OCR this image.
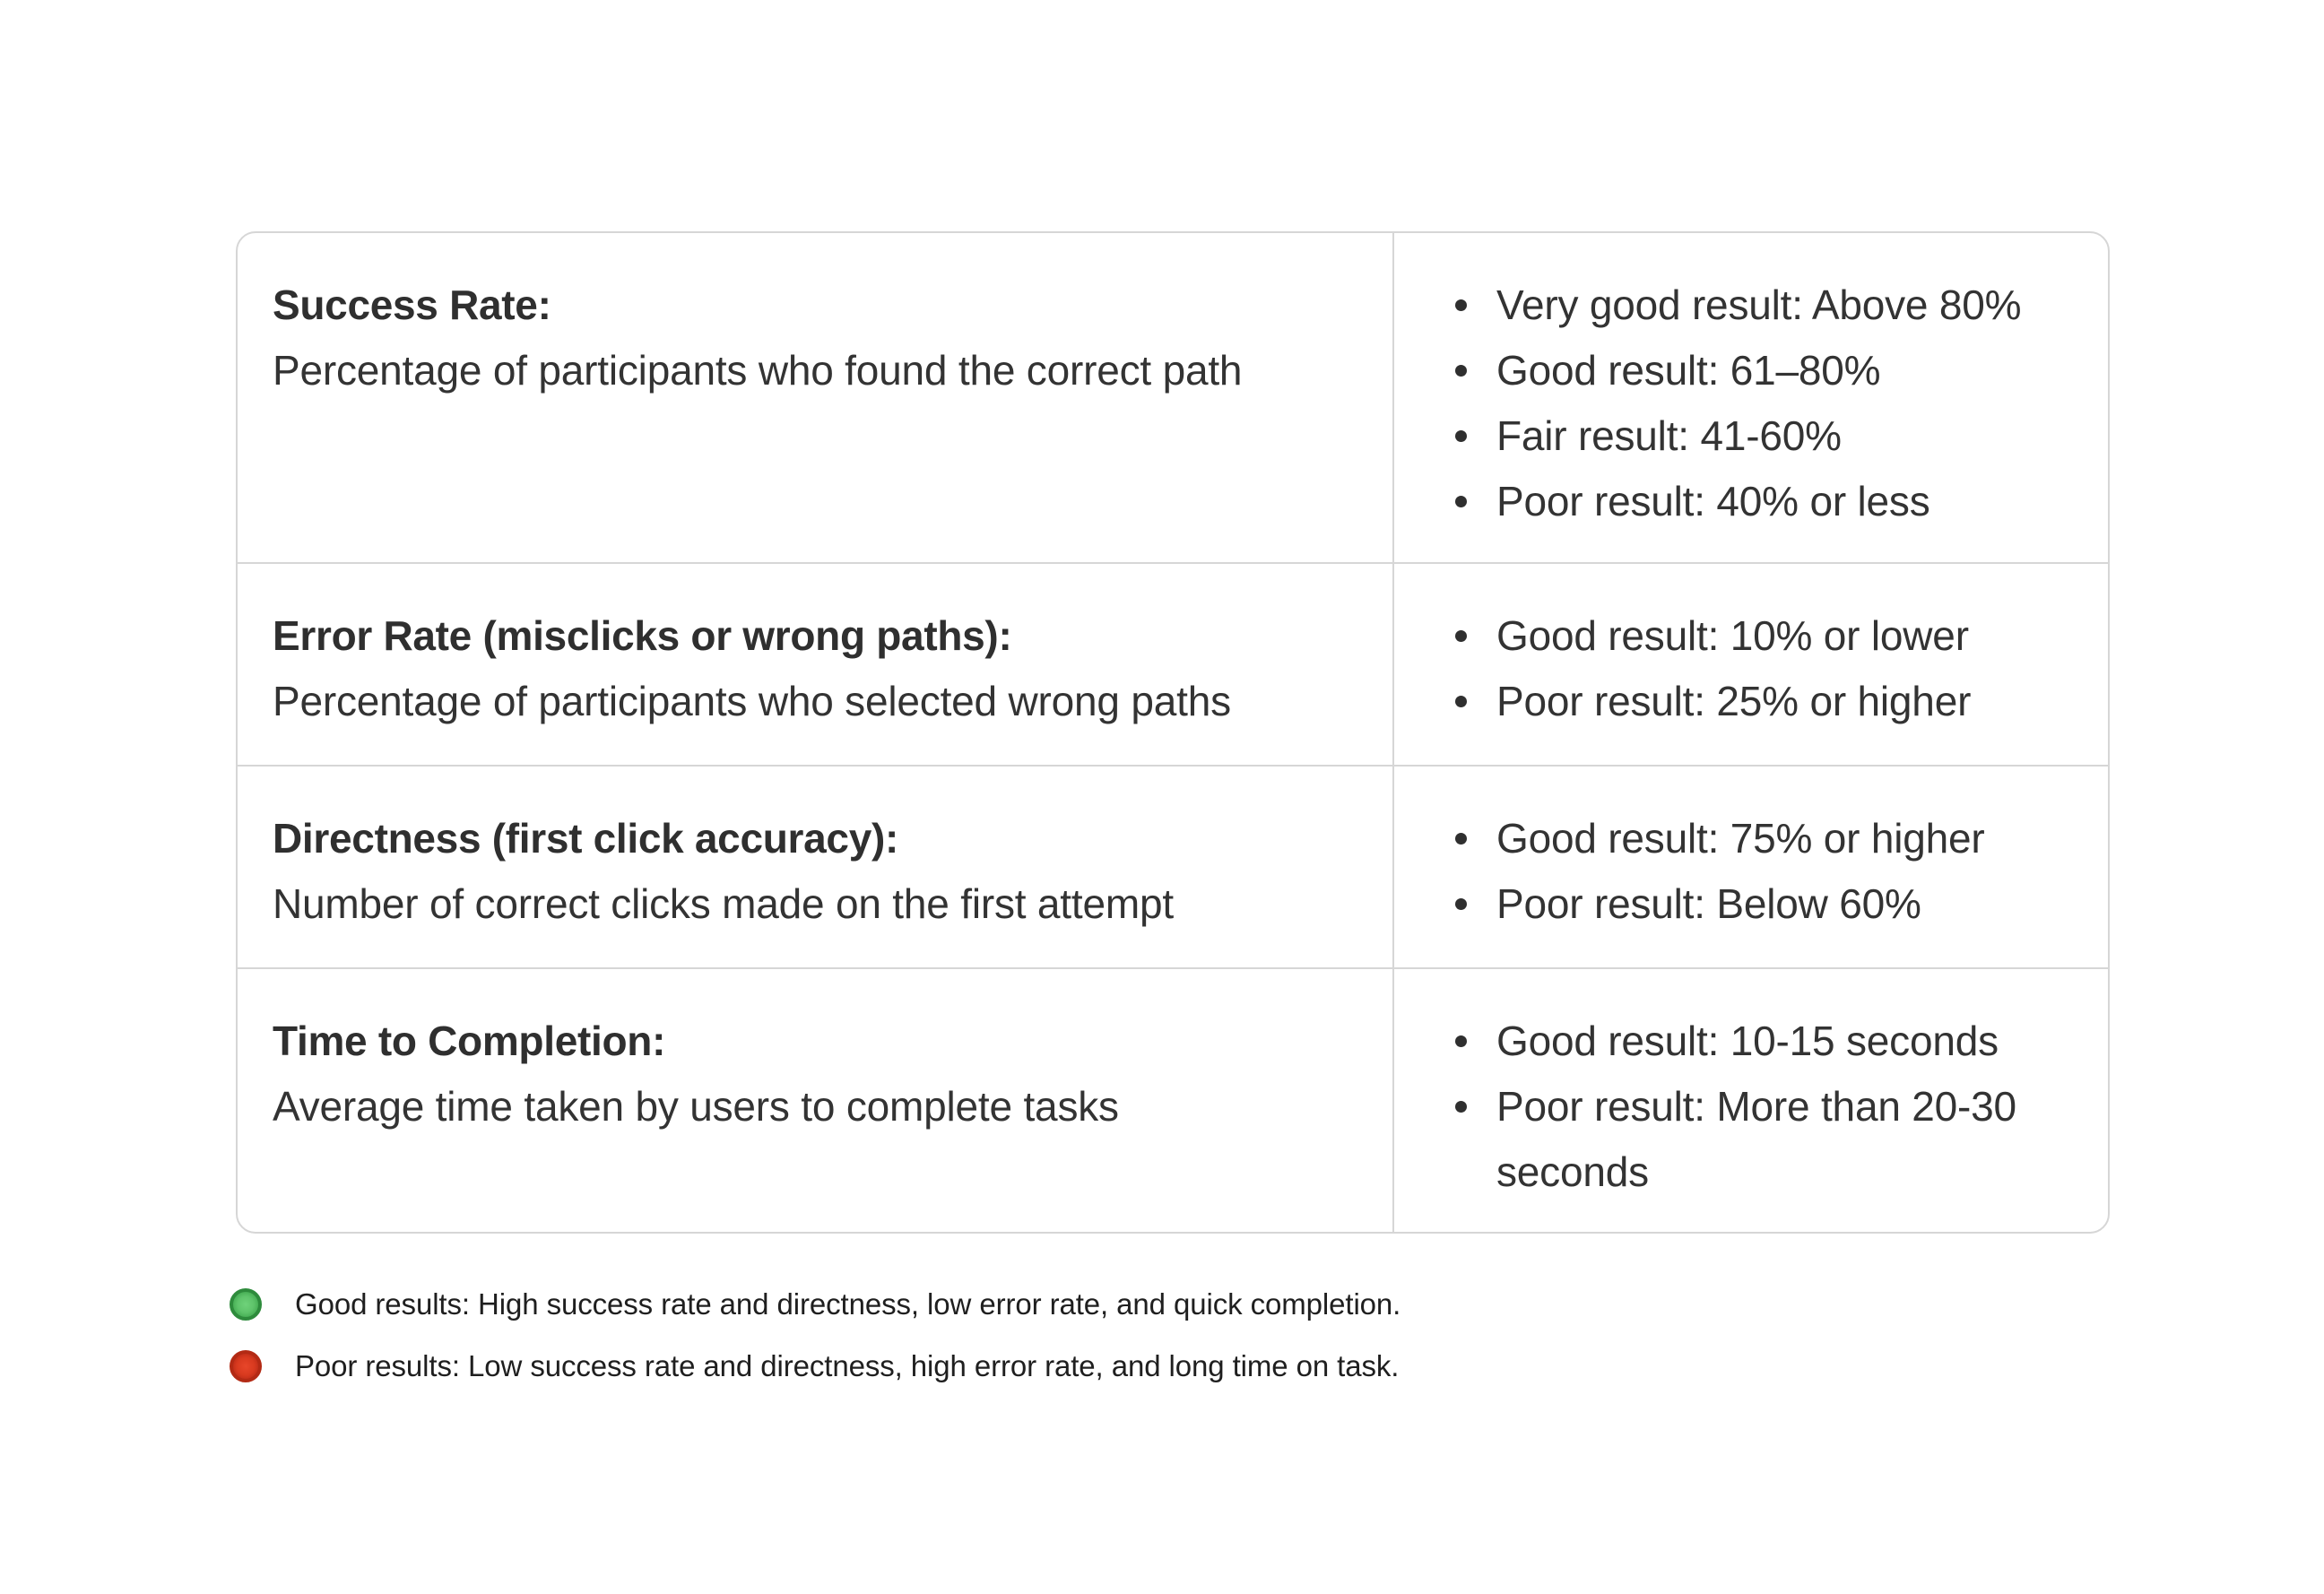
Success Rate:
Percentage of participants who found the correct path
Very good result: Above 80%
Good result: 61–80%
Fair result: 41-60%
Poor result: 40% or less
Error Rate (misclicks or wrong paths):
Percentage of participants who selected wrong paths
Good result: 10% or lower
Poor result: 25% or higher
Directness (first click accuracy):
Number of correct clicks made on the first attempt
Good result: 75% or higher
Poor result: Below 60%
Time to Completion:
Average time taken by users to complete tasks
Good result: 10-15 seconds
Poor result: More than 20-30 seconds
Good results: High success rate and directness, low error rate, and quick completion.
Poor results: Low success rate and directness, high error rate, and long time on task.
